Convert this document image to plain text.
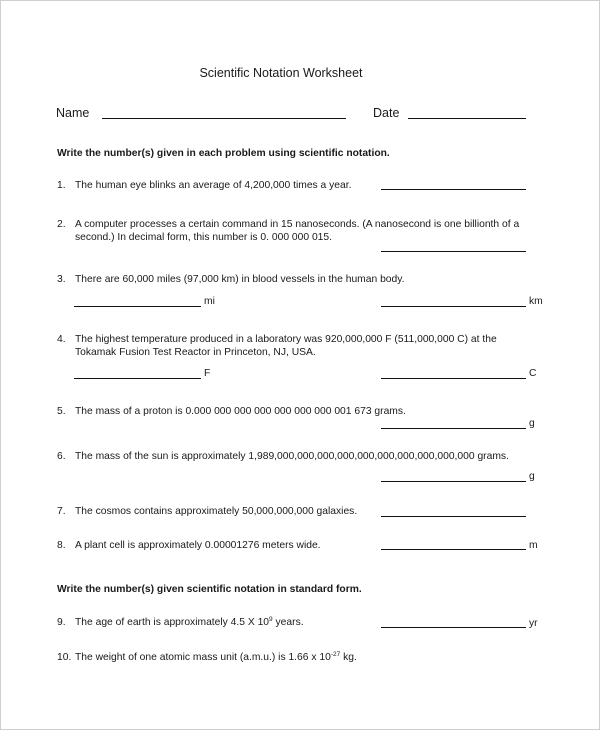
Scientific Notation Worksheet
Name	Date
Write the number(s) given in each problem using scientific notation.
1. The human eye blinks an average of 4,200,000 times a year.
2. A computer processes a certain command in 15 nanoseconds. (A nanosecond is one billionth of a
second.) In decimal form, this number is 0. 000 000 015.
3. There are 60,000 miles (97,000 km) in blood vessels in the human body.
mi	km
4. The highest temperature produced in a laboratory was 920,000,000 F (511,000,000 C) at the
Tokamak Fusion Test Reactor in Princeton, NJ, USA.
F	C
5. The mass of a proton is 0.000 000 000 000 000 000 000 001 673 grams.
g
6. The mass of the sun is approximately 1,989,000,000,000,000,000,000,000,000,000,000 grams.
g
7. The cosmos contains approximately 50,000,000,000 galaxies.
8. A plant cell is approximately 0.00001276 meters wide.	m
Write the number(s) given scientific notation in standard form.
9. The age of earth is approximately 4.5 X $10^9$ years.	yr
10. The weight of one atomic mass unit (a.m.u.) is 1.66 x $10^{-27}$ kg.
